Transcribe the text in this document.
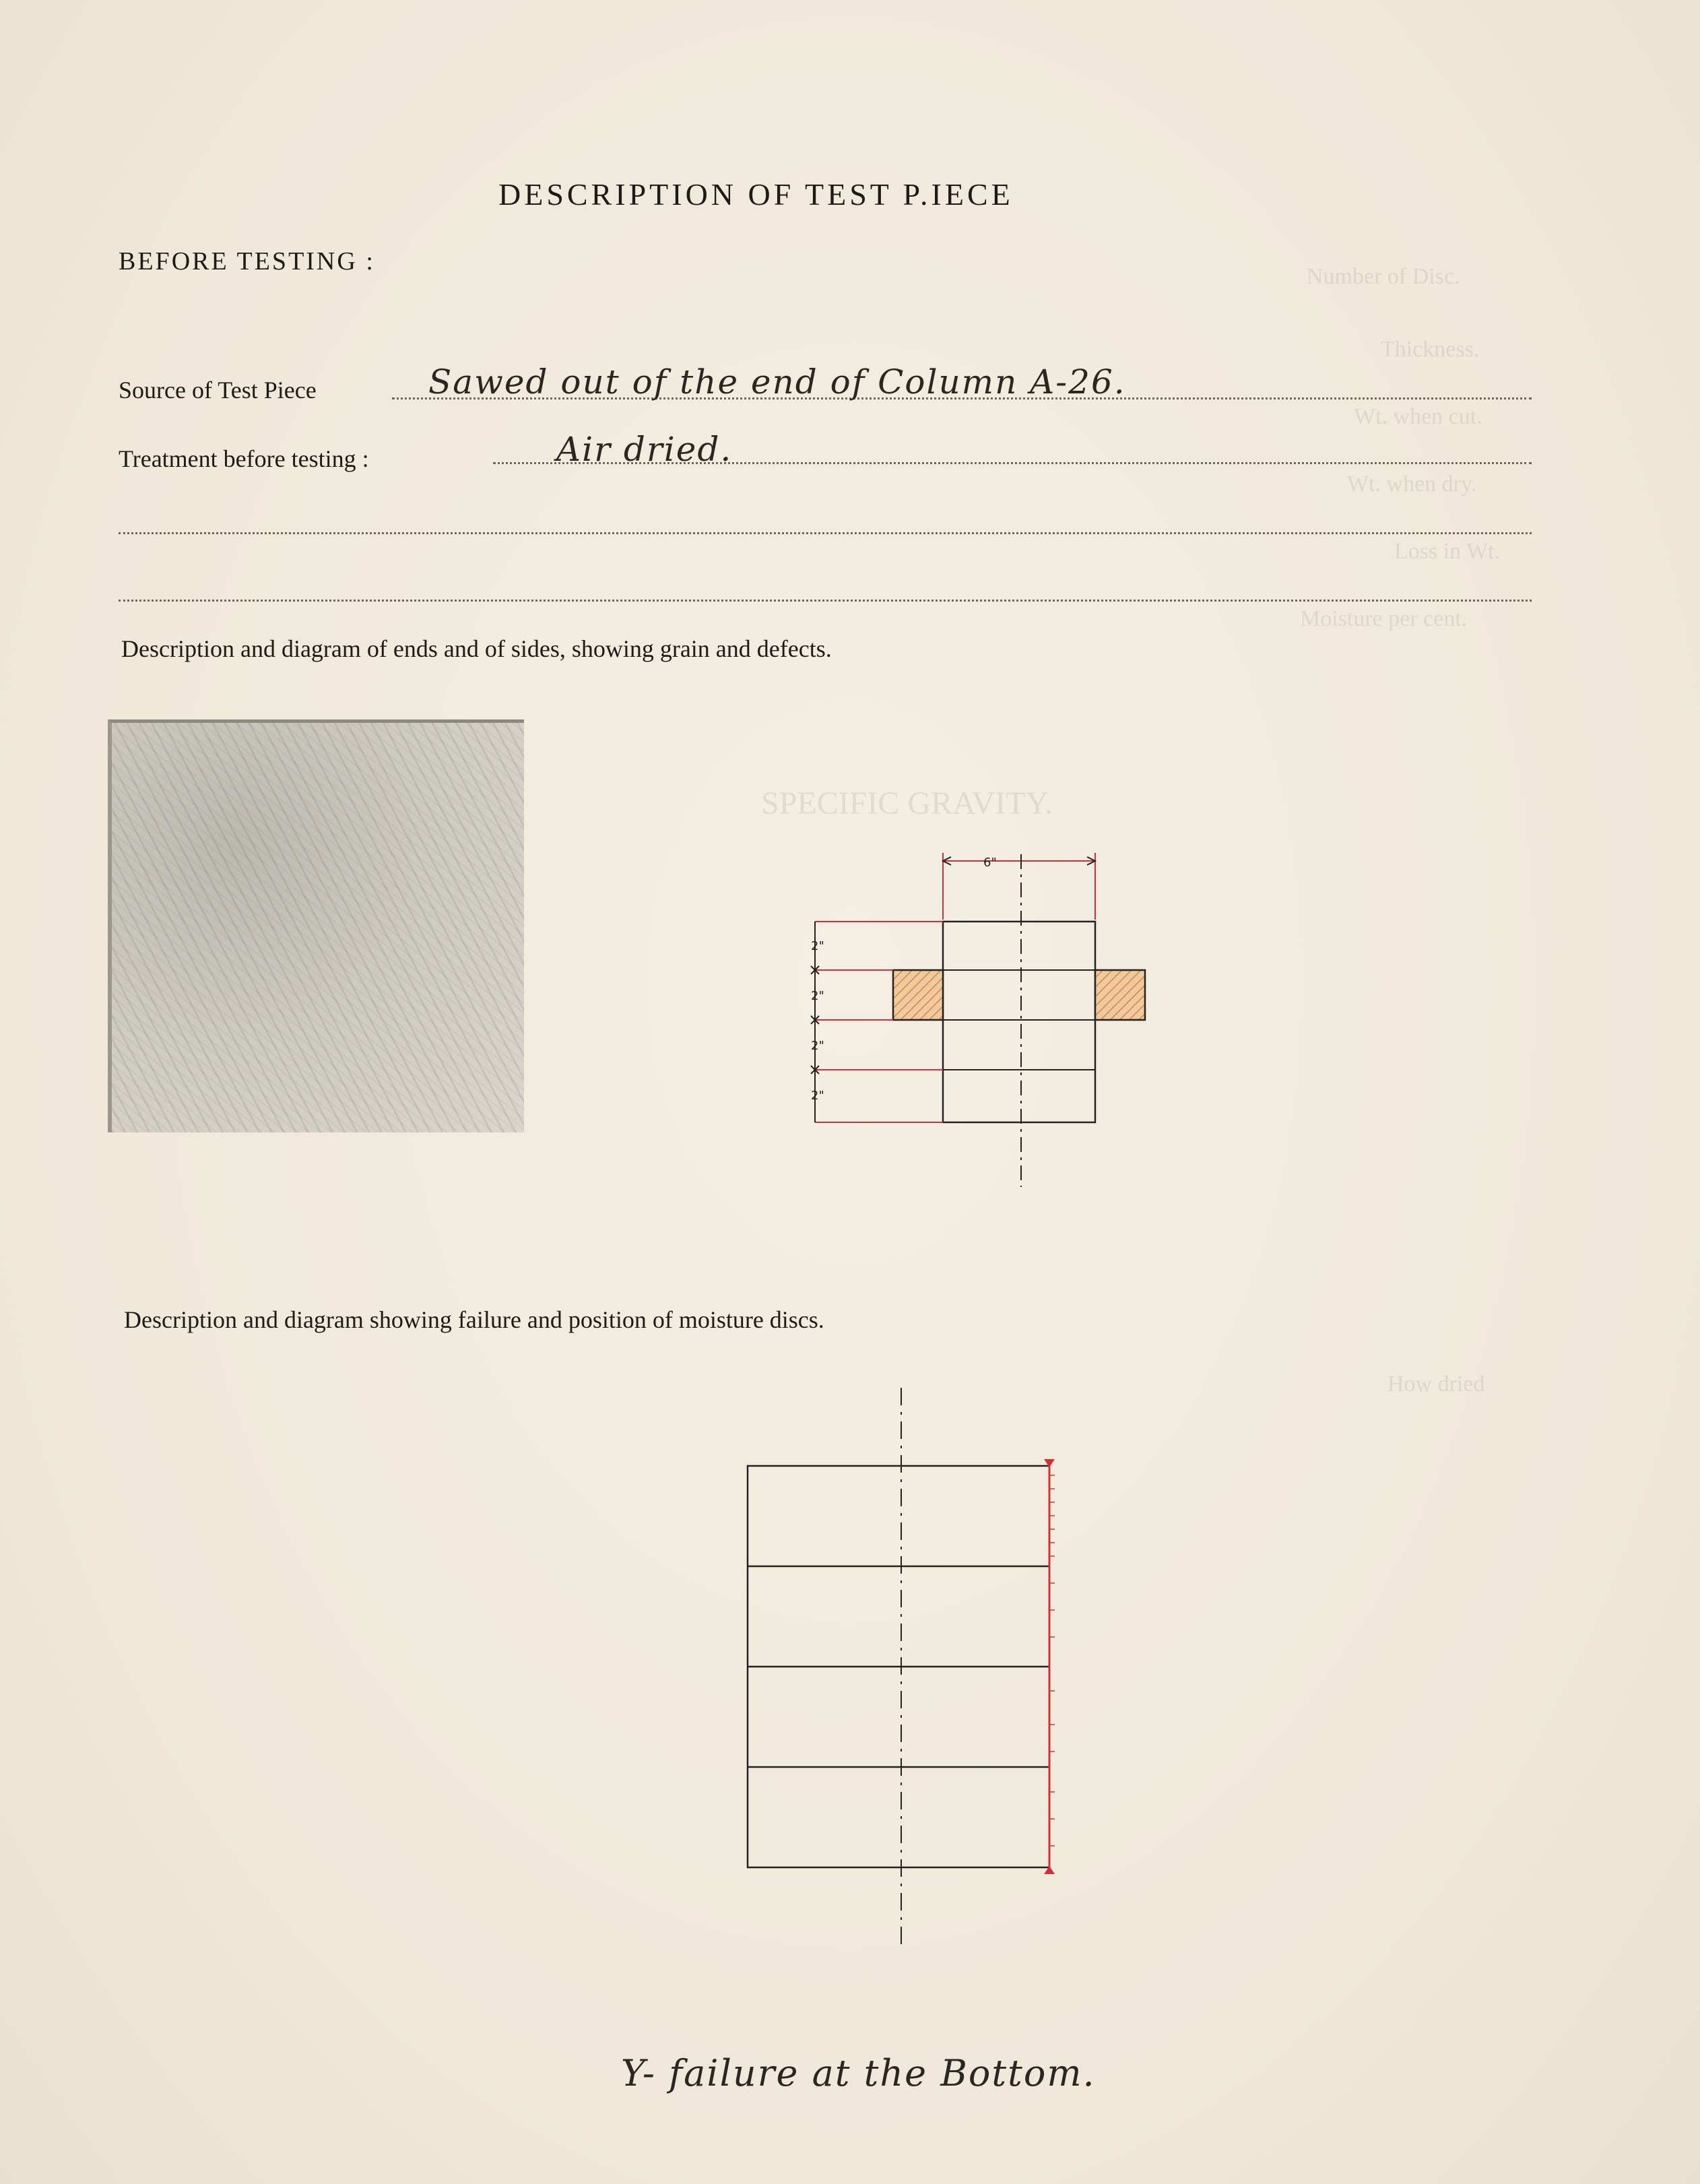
Number of Disc.
Thickness.
Wt. when cut.
Wt. when dry.
Loss in Wt.
Moisture per cent.
SPECIFIC GRAVITY.
How dried
DESCRIPTION OF TEST P.IECE
BEFORE TESTING :
Source of Test Piece	Sawed out of the end of Column A-26.
Treatment before testing :	Air dried.
Description and diagram of ends and of sides, showing grain and defects.
6"
2"
2"
2"
2"
Description and diagram showing failure and position of moisture discs.
Y- failure at the Bottom.
